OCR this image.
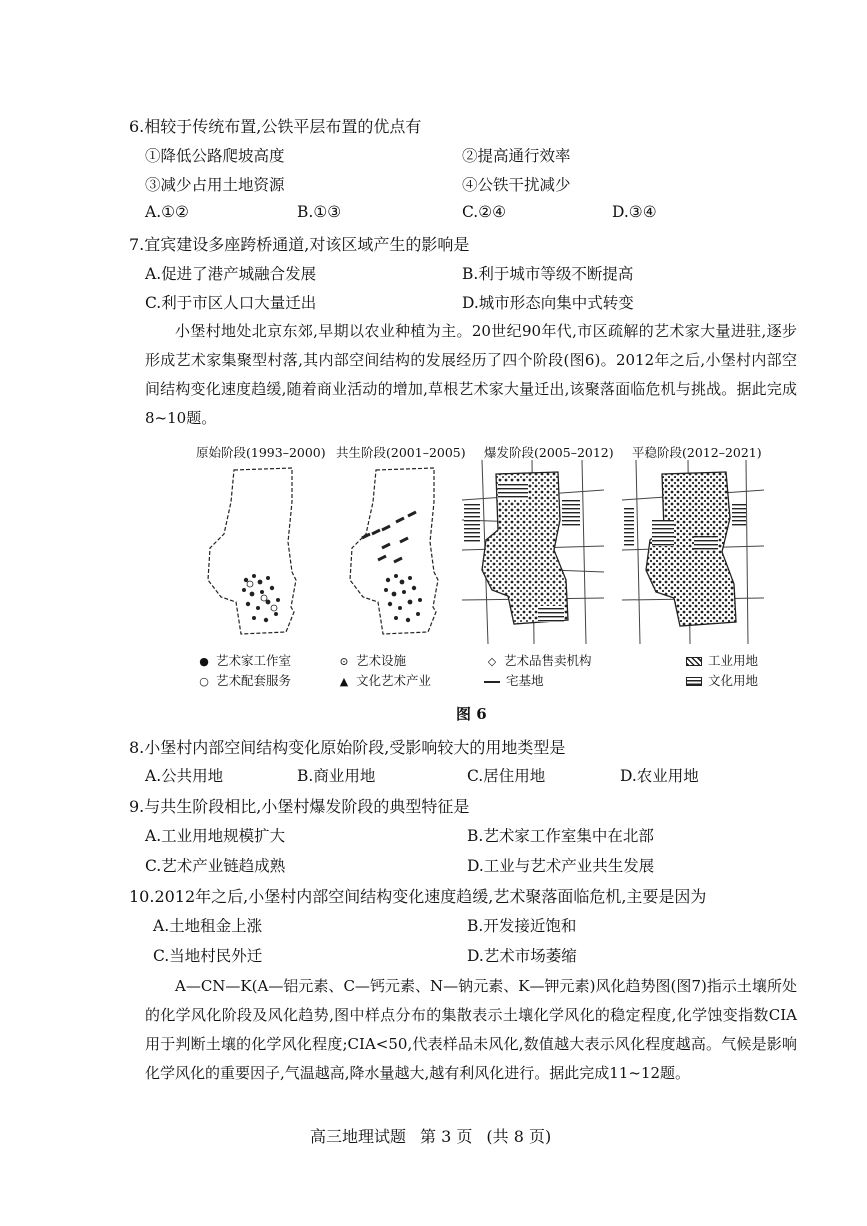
6.相较于传统布置,公铁平层布置的优点有
①降低公路爬坡高度	②提高通行效率
③减少占用土地资源	④公铁干扰减少
A.①②	B.①③	C.②④	D.③④
7.宜宾建设多座跨桥通道,对该区域产生的影响是
A.促进了港产城融合发展	B.利于城市等级不断提高
C.利于市区人口大量迁出	D.城市形态向集中式转变
小堡村地处北京东郊,早期以农业种植为主。20世纪90年代,市区疏解的艺术家大量进驻,逐步形成艺术家集聚型村落,其内部空间结构的发展经历了四个阶段(图6)。2012年之后,小堡村内部空间结构变化速度趋缓,随着商业活动的增加,草根艺术家大量迁出,该聚落面临危机与挑战。据此完成8~10题。
原始阶段(1993–2000) 共生阶段(2001–2005) 爆发阶段(2005–2012) 平稳阶段(2012–2021)
● 艺术家工作室	⊙ 艺术设施	◇ 艺术品售卖机构	工业用地
○ 艺术配套服务	▲ 文化艺术产业	宅基地	文化用地
图 6
8.小堡村内部空间结构变化原始阶段,受影响较大的用地类型是
A.公共用地	B.商业用地	C.居住用地	D.农业用地
9.与共生阶段相比,小堡村爆发阶段的典型特征是
A.工业用地规模扩大	B.艺术家工作室集中在北部
C.艺术产业链趋成熟	D.工业与艺术产业共生发展
10.2012年之后,小堡村内部空间结构变化速度趋缓,艺术聚落面临危机,主要是因为
A.土地租金上涨	B.开发接近饱和
C.当地村民外迁	D.艺术市场萎缩
A—CN—K(A—铝元素、C—钙元素、N—钠元素、K—钾元素)风化趋势图(图7)指示土壤所处的化学风化阶段及风化趋势,图中样点分布的集散表示土壤化学风化的稳定程度,化学蚀变指数CIA用于判断土壤的化学风化程度;CIA<50,代表样品未风化,数值越大表示风化程度越高。气候是影响化学风化的重要因子,气温越高,降水量越大,越有利风化进行。据此完成11~12题。
高三地理试题 第 3 页 (共 8 页)
